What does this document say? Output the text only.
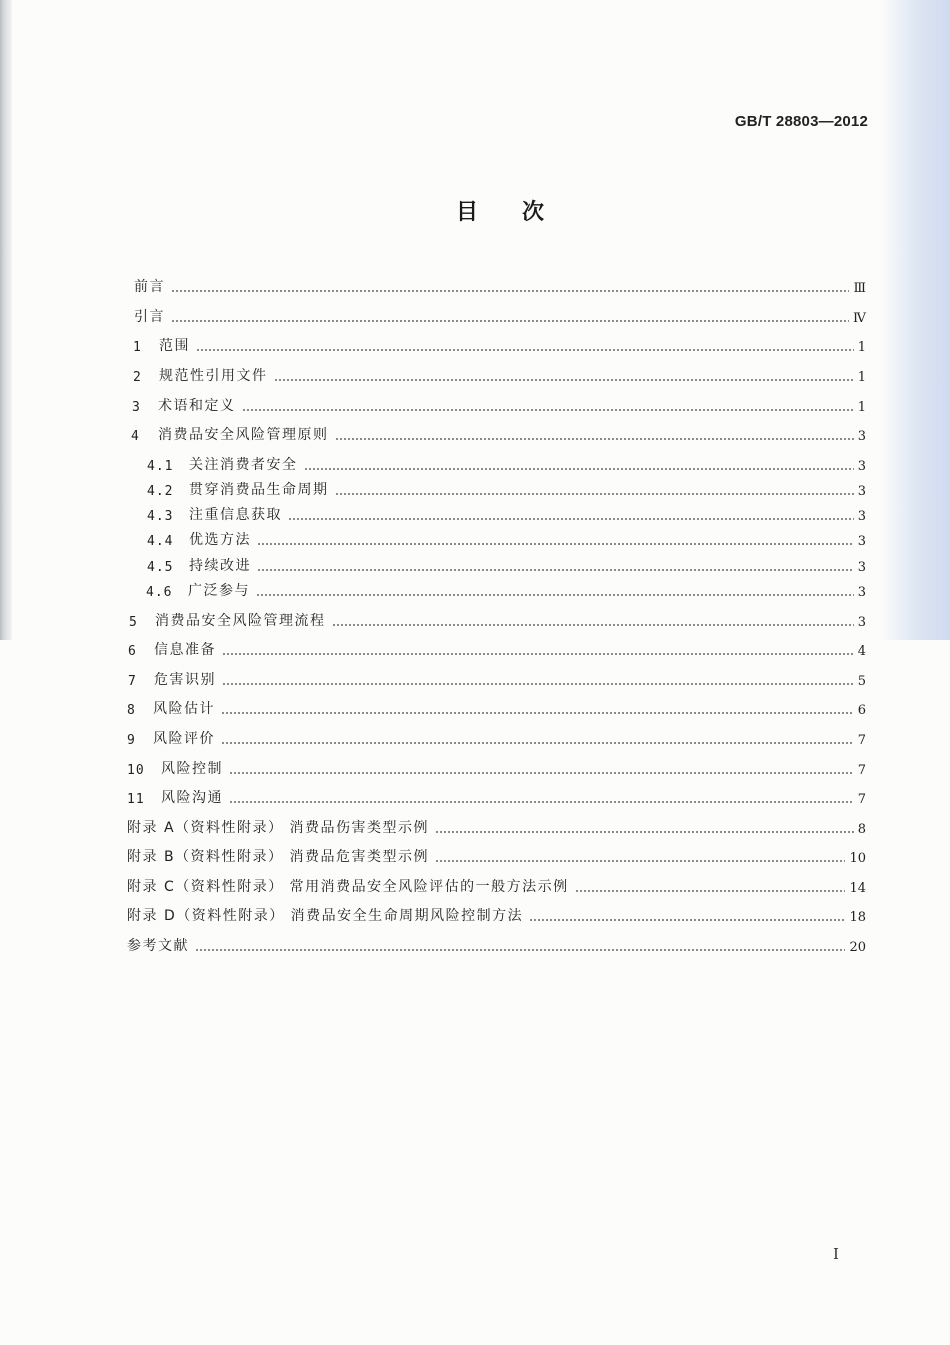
GB/T 28803—2012
目 次
前言	Ⅲ
引言	Ⅳ
1	范围	1
2	规范性引用文件	1
3	术语和定义	1
4	消费品安全风险管理原则	3
4.1	关注消费者安全	3
4.2	贯穿消费品生命周期	3
4.3	注重信息获取	3
4.4	优选方法	3
4.5	持续改进	3
4.6	广泛参与	3
5	消费品安全风险管理流程	3
6	信息准备	4
7	危害识别	5
8	风险估计	6
9	风险评价	7
10	风险控制	7
11	风险沟通	7
附录 A（资料性附录） 消费品伤害类型示例	8
附录 B（资料性附录） 消费品危害类型示例	10
附录 C（资料性附录） 常用消费品安全风险评估的一般方法示例	14
附录 D（资料性附录） 消费品安全生命周期风险控制方法	18
参考文献	20
Ⅰ
